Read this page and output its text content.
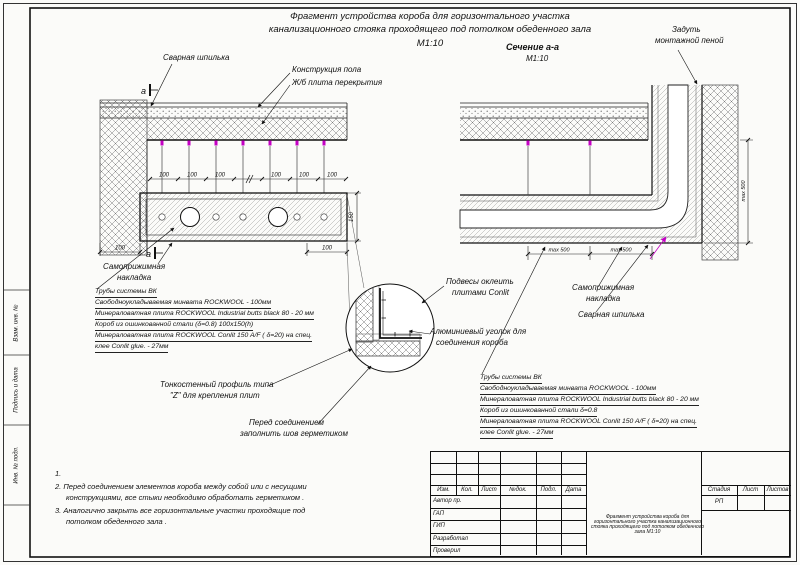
100	100	100	100	100	100
150
100	100
а
а
max 500
max 500	max 500
Фрагмент устройства короба для горизонтального участка
канализационного стояка проходящего под потолком обеденного зала
М1:10	Сечение а-а
М1:10
Задуть
монтажной пеной
Сварная шпилька
Конструкция пола
Ж/б плита перекрытия
Самоприжимная
накладка
Трубы системы ВК
Свободноукладываемая минвата ROCKWOOL - 100мм
Минераловатная плита ROCKWOOL Industrial butts black 80 - 20 мм
Короб из ошинкованной стали (δ=0.8) 100x150(h)
Минераловатная плита ROCKWOOL Conlit 150 A/F ( δ=20) на спец.
клее Conlit glue. - 27мм
Подвесы оклеить
плитами Conlit
Алюминиевый уголок для
соединения короба
Самоприжимная
накладка
Сварная шпилька
Тонкостенный профиль типа
"Z" для крепления плит
Перед соединением
заполнить шов герметиком
Трубы системы ВК
Свободноукладываемая минвата ROCKWOOL - 100мм
Минераловатная плита ROCKWOOL Industrial butts black 80 - 20 мм
Короб из ошинкованной стали δ=0.8
Минераловатная плита ROCKWOOL Conlit 150 A/F ( δ=20) на спец.
клее Conlit glue. - 27мм
1.
2. Перед соединением элементов короба между собой или с несущими
конструкциями, все стыки необходимо обработать герметиком .
3. Аналогично закрыть все горизонтальные участки проходящие под
потолком обеденного зала .
Взам. инв. №
Подпись и дата
Инв. № подл.
Изм.	Кол.	Лист	№док.	Подл.	Дата
Автор пр.
ГАП
ГИП
Разработал
Проверил
Фрагмент устройства короба для горизонтального участка канализационного стояка проходящего под потолком обеденного зала М1:10
Стадия	Лист	Листов
РП
